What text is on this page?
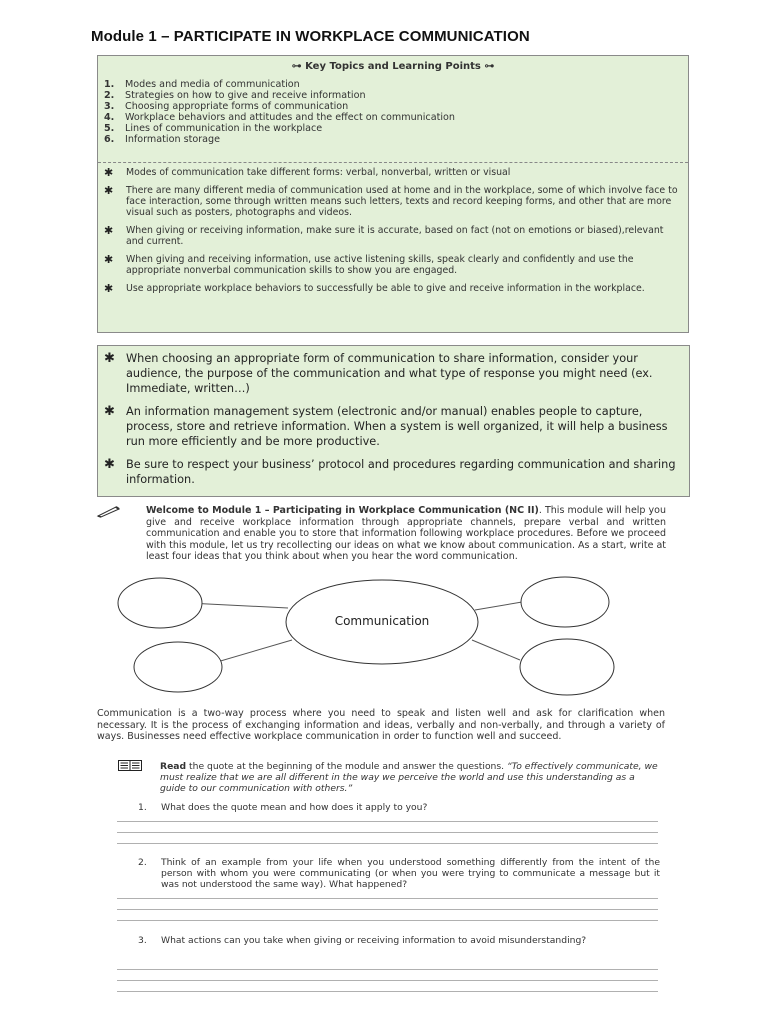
Module 1 – PARTICIPATE IN WORKPLACE COMMUNICATION
⊶ Key Topics and Learning Points ⊶
1.	Modes and media of communication
2.	Strategies on how to give and receive information
3.	Choosing appropriate forms of communication
4.	Workplace behaviors and attitudes and the effect on communication
5.	Lines of communication in the workplace
6.	Information storage
✱
Modes of communication take different forms: verbal, nonverbal, written or visual
✱
There are many different media of communication used at home and in the workplace, some of which involve face to face interaction, some through written means such letters, texts and record keeping forms, and other that are more visual such as posters, photographs and videos.
✱
When giving or receiving information, make sure it is accurate, based on fact (not on emotions or biased),relevant and current.
✱
When giving and receiving information, use active listening skills, speak clearly and confidently and use the appropriate nonverbal communication skills to show you are engaged.
✱
Use appropriate workplace behaviors to successfully be able to give and receive information in the workplace.
✱
When choosing an appropriate form of communication to share information, consider your audience, the purpose of the communication and what type of response you might need (ex. Immediate, written…)
✱
An information management system (electronic and/or manual) enables people to capture, process, store and retrieve information. When a system is well organized, it will help a business run more efficiently and be more productive.
✱
Be sure to respect your business’ protocol and procedures regarding communication and sharing information.
Welcome to Module 1 – Participating in Workplace Communication (NC II). This module will help you give and receive workplace information through appropriate channels, prepare verbal and written communication and enable you to store that information following workplace procedures. Before we proceed with this module, let us try recollecting our ideas on what we know about communication. As a start, write at least four ideas that you think about when you hear the word communication.
Communication
Communication is a two-way process where you need to speak and listen well and ask for clarification when necessary. It is the process of exchanging information and ideas, verbally and non-verbally, and through a variety of ways. Businesses need effective workplace communication in order to function well and succeed.
Read the quote at the beginning of the module and answer the questions. “To effectively communicate, we must realize that we are all different in the way we perceive the world and use this understanding as a guide to our communication with others.”
1.	What does the quote mean and how does it apply to you?
2.	Think of an example from your life when you understood something differently from the intent of the person with whom you were communicating (or when you were trying to communicate a message but it was not understood the same way). What happened?
3.	What actions can you take when giving or receiving information to avoid misunderstanding?
